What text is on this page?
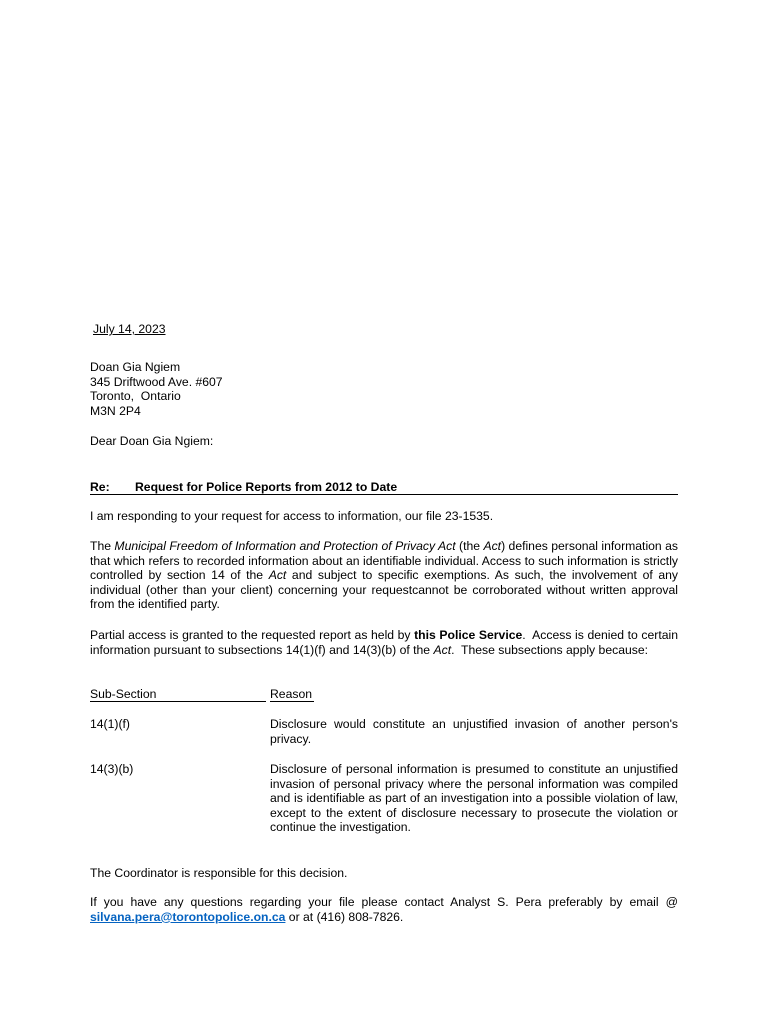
July 14, 2023
Doan Gia Ngiem
345 Driftwood Ave. #607
Toronto,  Ontario
M3N 2P4
Dear Doan Gia Ngiem:
Re: Request for Police Reports from 2012 to Date
I am responding to your request for access to information, our file 23-1535.
The Municipal Freedom of Information and Protection of Privacy Act (the Act) defines personal information as that which refers to recorded information about an identifiable individual. Access to such information is strictly controlled by section 14 of the Act and subject to specific exemptions. As such, the involvement of any individual (other than your client) concerning your requestcannot be corroborated without written approval from the identified party.
Partial access is granted to the requested report as held by this Police Service.  Access is denied to certain information pursuant to subsections 14(1)(f) and 14(3)(b) of the Act.  These subsections apply because:
Sub-Section	Reason
14(1)(f)	Disclosure would constitute an unjustified invasion of another person's privacy.
14(3)(b)	Disclosure of personal information is presumed to constitute an unjustified invasion of personal privacy where the personal information was compiled and is identifiable as part of an investigation into a possible violation of law, except to the extent of disclosure necessary to prosecute the violation or continue the investigation.
The Coordinator is responsible for this decision.
If you have any questions regarding your file please contact Analyst S. Pera preferably by email @ silvana.pera@torontopolice.on.ca or at (416) 808-7826.
